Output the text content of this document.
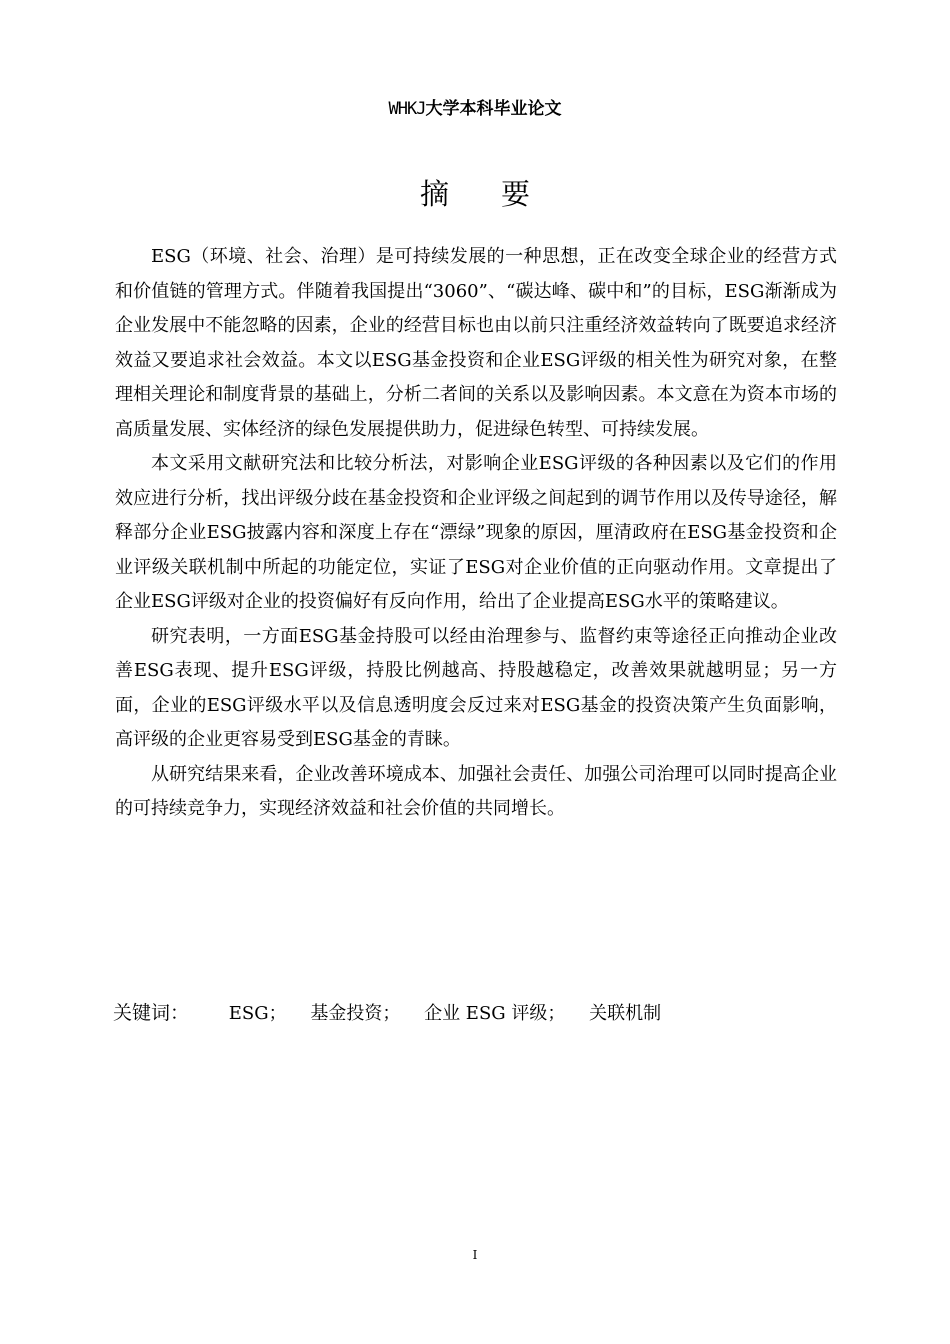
WHKJ大学本科毕业论文
摘要

ESG（环境、社会、治理）是可持续发展的一种思想，正在改变全球企业的经营方式和价值链的管理方式。伴随着我国提出“3060”、“碳达峰、碳中和”的目标，ESG渐渐成为企业发展中不能忽略的因素，企业的经营目标也由以前只注重经济效益转向了既要追求经济效益又要追求社会效益。本文以ESG基金投资和企业ESG评级的相关性为研究对象，在整理相关理论和制度背景的基础上，分析二者间的关系以及影响因素。本文意在为资本市场的高质量发展、实体经济的绿色发展提供助力，促进绿色转型、可持续发展。

本文采用文献研究法和比较分析法，对影响企业ESG评级的各种因素以及它们的作用效应进行分析，找出评级分歧在基金投资和企业评级之间起到的调节作用以及传导途径，解释部分企业ESG披露内容和深度上存在“漂绿”现象的原因，厘清政府在ESG基金投资和企业评级关联机制中所起的功能定位，实证了ESG对企业价值的正向驱动作用。文章提出了企业ESG评级对企业的投资偏好有反向作用，给出了企业提高ESG水平的策略建议。

研究表明，一方面ESG基金持股可以经由治理参与、监督约束等途径正向推动企业改善ESG表现、提升ESG评级，持股比例越高、持股越稳定，改善效果就越明显；另一方面，企业的ESG评级水平以及信息透明度会反过来对ESG基金的投资决策产生负面影响，高评级的企业更容易受到ESG基金的青睐。

从研究结果来看，企业改善环境成本、加强社会责任、加强公司治理可以同时提高企业的可持续竞争力，实现经济效益和社会价值的共同增长。

关键词： ESG； 基金投资； 企业 ESG 评级； 关联机制
I
